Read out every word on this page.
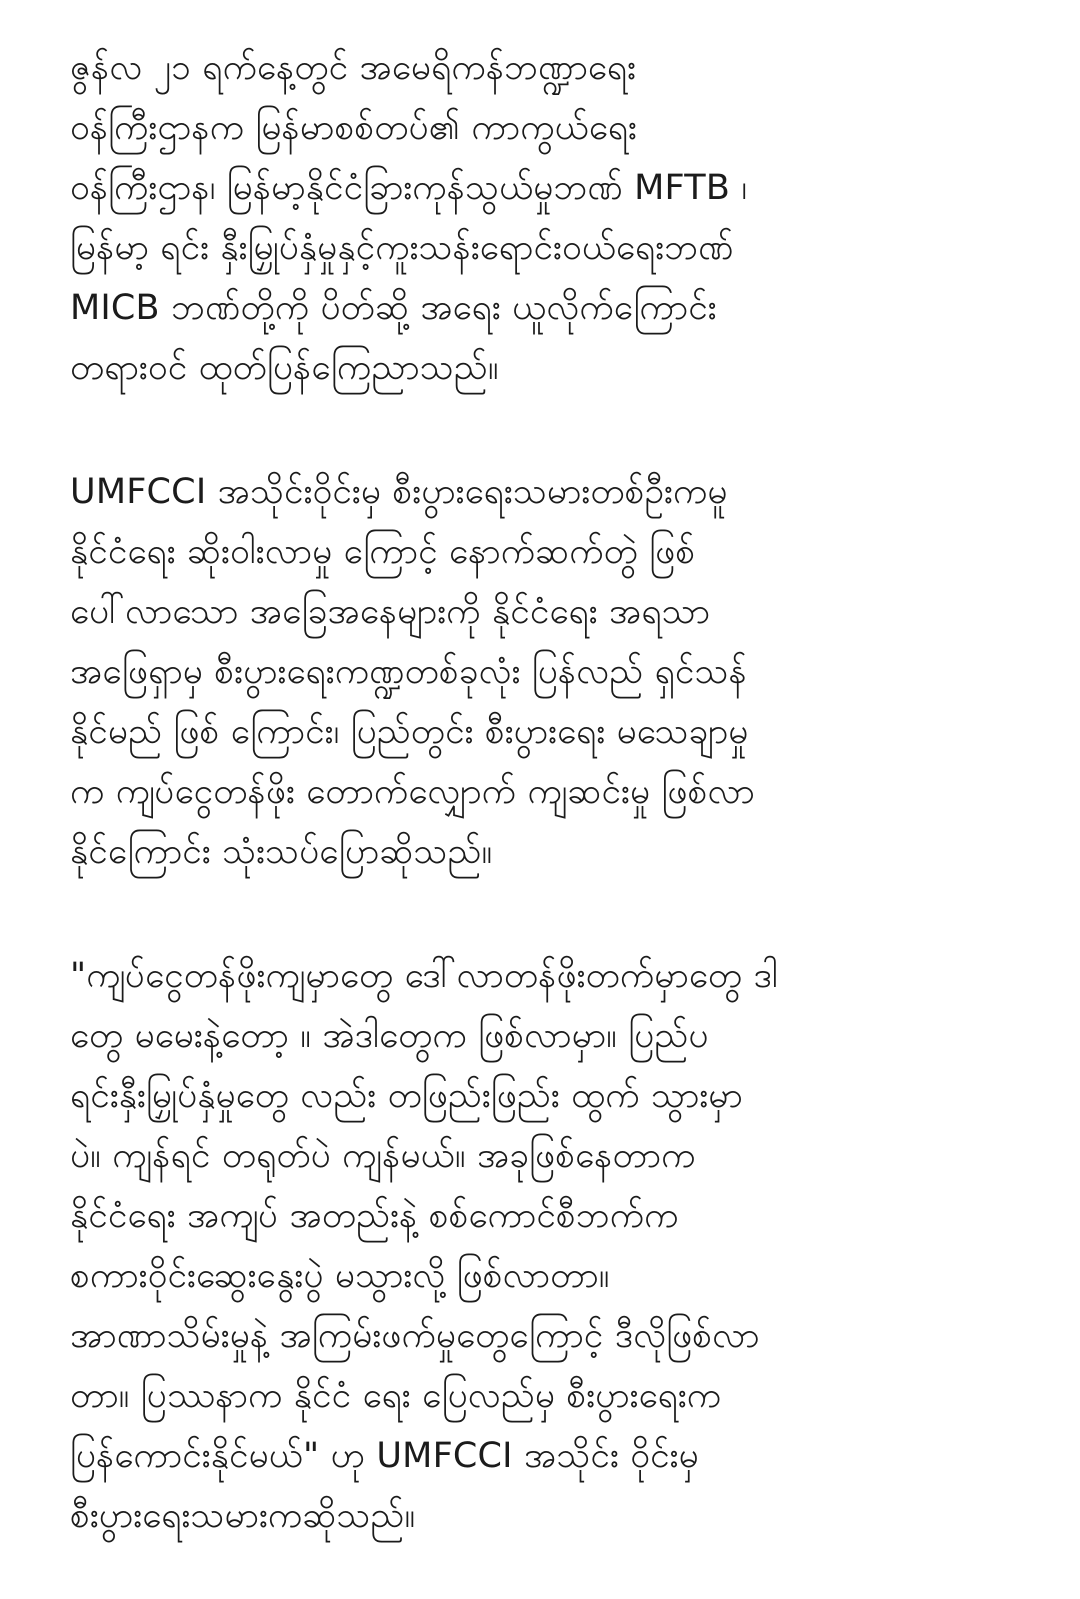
ဇွန်လ ၂၁ ရက်နေ့တွင် အမေရိကန်ဘဏ္ဍာရေး
ဝန်ကြီးဌာနက မြန်မာစစ်တပ်၏ ကာကွယ်ရေး
ဝန်ကြီးဌာန၊ မြန်မာ့နိုင်ငံခြားကုန်သွယ်မှုဘဏ် MFTB ၊
မြန်မာ့ ရင်း နှီးမြှုပ်နှံမှုနှင့်ကူးသန်းရောင်းဝယ်ရေးဘဏ်
MICB ဘဏ်တို့ကို ပိတ်ဆို့ အရေး ယူလိုက်ကြောင်း
တရားဝင် ထုတ်ပြန်ကြေညာသည်။
UMFCCI အသိုင်းဝိုင်းမှ စီးပွားရေးသမားတစ်ဦးကမူ
နိုင်ငံရေး ဆိုးဝါးလာမှု ကြောင့် နောက်ဆက်တွဲ ဖြစ်
ပေါ်လာသော အခြေအနေများကို နိုင်ငံရေး အရသာ
အဖြေရှာမှ စီးပွားရေးကဏ္ဍတစ်ခုလုံး ပြန်လည် ရှင်သန်
နိုင်မည် ဖြစ် ကြောင်း၊ ပြည်တွင်း စီးပွားရေး မသေချာမှု
က ကျပ်ငွေတန်ဖိုး တောက်လျှောက် ကျဆင်းမှု ဖြစ်လာ
နိုင်ကြောင်း သုံးသပ်ပြောဆိုသည်။
"ကျပ်ငွေတန်ဖိုးကျမှာတွေ ဒေါ်လာတန်ဖိုးတက်မှာတွေ ဒါ
တွေ မမေးနဲ့တော့ ။ အဲဒါတွေက ဖြစ်လာမှာ။ ပြည်ပ
ရင်းနှီးမြှုပ်နှံမှုတွေ လည်း တဖြည်းဖြည်း ထွက် သွားမှာ
ပဲ။ ကျန်ရင် တရုတ်ပဲ ကျန်မယ်။ အခုဖြစ်နေတာက
နိုင်ငံရေး အကျပ် အတည်းနဲ့ စစ်ကောင်စီဘက်က
စကားဝိုင်းဆွေးနွေးပွဲ မသွားလို့ ဖြစ်လာတာ။
အာဏာသိမ်းမှုနဲ့ အကြမ်းဖက်မှုတွေကြောင့် ဒီလိုဖြစ်လာ
တာ။ ပြဿနာက နိုင်ငံ ရေး ပြေလည်မှ စီးပွားရေးက
ပြန်ကောင်းနိုင်မယ်" ဟု UMFCCI အသိုင်း ဝိုင်းမှ
စီးပွားရေးသမားကဆိုသည်။
